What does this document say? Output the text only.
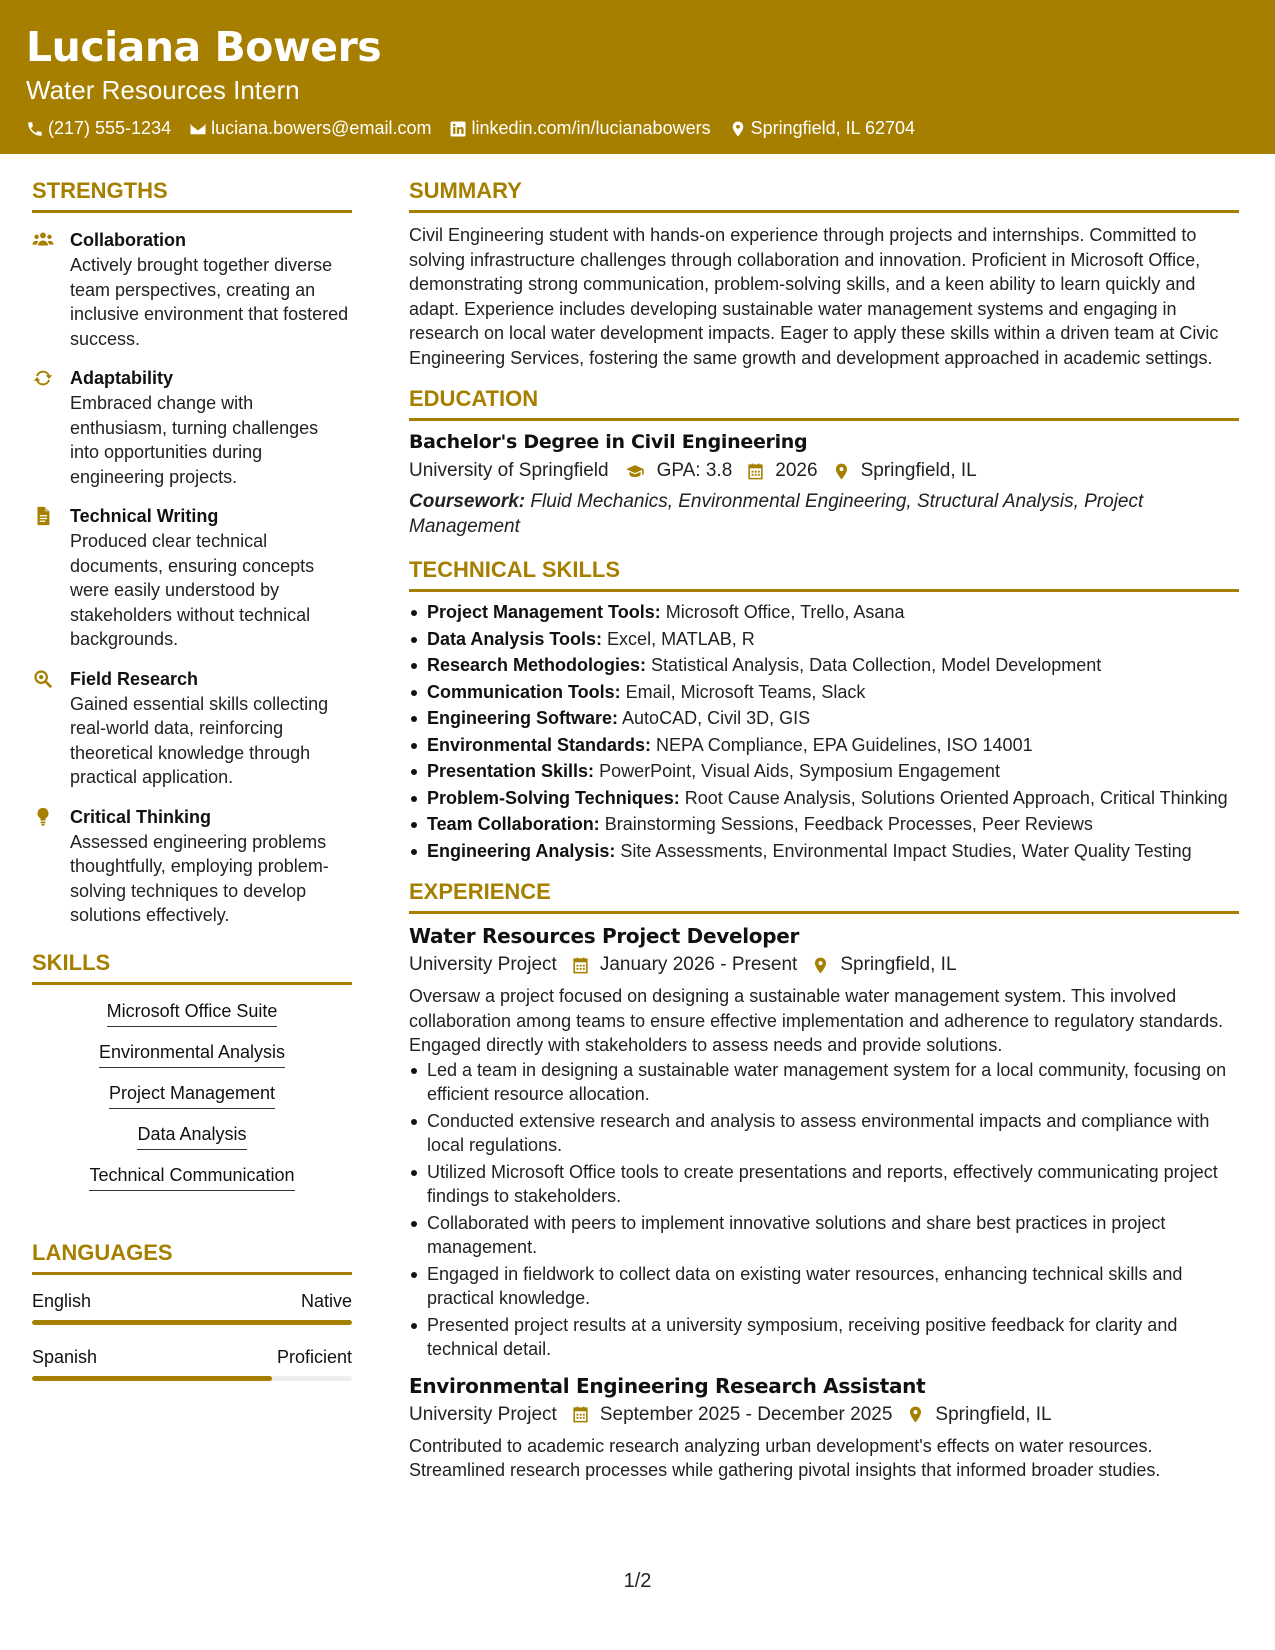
Luciana Bowers
Water Resources Intern
(217) 555-1234 luciana.bowers@email.com linkedin.com/in/lucianabowers Springfield, IL 62704
STRENGTHS
Collaboration
Actively brought together diverse team perspectives, creating an inclusive environment that fostered success.
Adaptability
Embraced change with enthusiasm, turning challenges into opportunities during engineering projects.
Technical Writing
Produced clear technical documents, ensuring concepts were easily understood by stakeholders without technical backgrounds.
Field Research
Gained essential skills collecting real-world data, reinforcing theoretical knowledge through practical application.
Critical Thinking
Assessed engineering problems thoughtfully, employing problem-solving techniques to develop solutions effectively.
SKILLS
Microsoft Office Suite
Environmental Analysis
Project Management
Data Analysis
Technical Communication
LANGUAGES
English	Native
Spanish	Proficient
SUMMARY
Civil Engineering student with hands-on experience through projects and internships. Committed to solving infrastructure challenges through collaboration and innovation. Proficient in Microsoft Office, demonstrating strong communication, problem-solving skills, and a keen ability to learn quickly and adapt. Experience includes developing sustainable water management systems and engaging in research on local water development impacts. Eager to apply these skills within a driven team at Civic Engineering Services, fostering the same growth and development approached in academic settings.
EDUCATION
Bachelor's Degree in Civil Engineering
University of Springfield	GPA: 3.8 2026 Springfield, IL
Coursework: Fluid Mechanics, Environmental Engineering, Structural Analysis, Project Management
TECHNICAL SKILLS
Project Management Tools: Microsoft Office, Trello, Asana
Data Analysis Tools: Excel, MATLAB, R
Research Methodologies: Statistical Analysis, Data Collection, Model Development
Communication Tools: Email, Microsoft Teams, Slack
Engineering Software: AutoCAD, Civil 3D, GIS
Environmental Standards: NEPA Compliance, EPA Guidelines, ISO 14001
Presentation Skills: PowerPoint, Visual Aids, Symposium Engagement
Problem-Solving Techniques: Root Cause Analysis, Solutions Oriented Approach, Critical Thinking
Team Collaboration: Brainstorming Sessions, Feedback Processes, Peer Reviews
Engineering Analysis: Site Assessments, Environmental Impact Studies, Water Quality Testing
EXPERIENCE
Water Resources Project Developer
University Project January 2026 - Present Springfield, IL
Oversaw a project focused on designing a sustainable water management system. This involved collaboration among teams to ensure effective implementation and adherence to regulatory standards. Engaged directly with stakeholders to assess needs and provide solutions.
Led a team in designing a sustainable water management system for a local community, focusing on efficient resource allocation.
Conducted extensive research and analysis to assess environmental impacts and compliance with local regulations.
Utilized Microsoft Office tools to create presentations and reports, effectively communicating project findings to stakeholders.
Collaborated with peers to implement innovative solutions and share best practices in project management.
Engaged in fieldwork to collect data on existing water resources, enhancing technical skills and practical knowledge.
Presented project results at a university symposium, receiving positive feedback for clarity and technical detail.
Environmental Engineering Research Assistant
University Project September 2025 - December 2025 Springfield, IL
Contributed to academic research analyzing urban development's effects on water resources. Streamlined research processes while gathering pivotal insights that informed broader studies.
1/2
